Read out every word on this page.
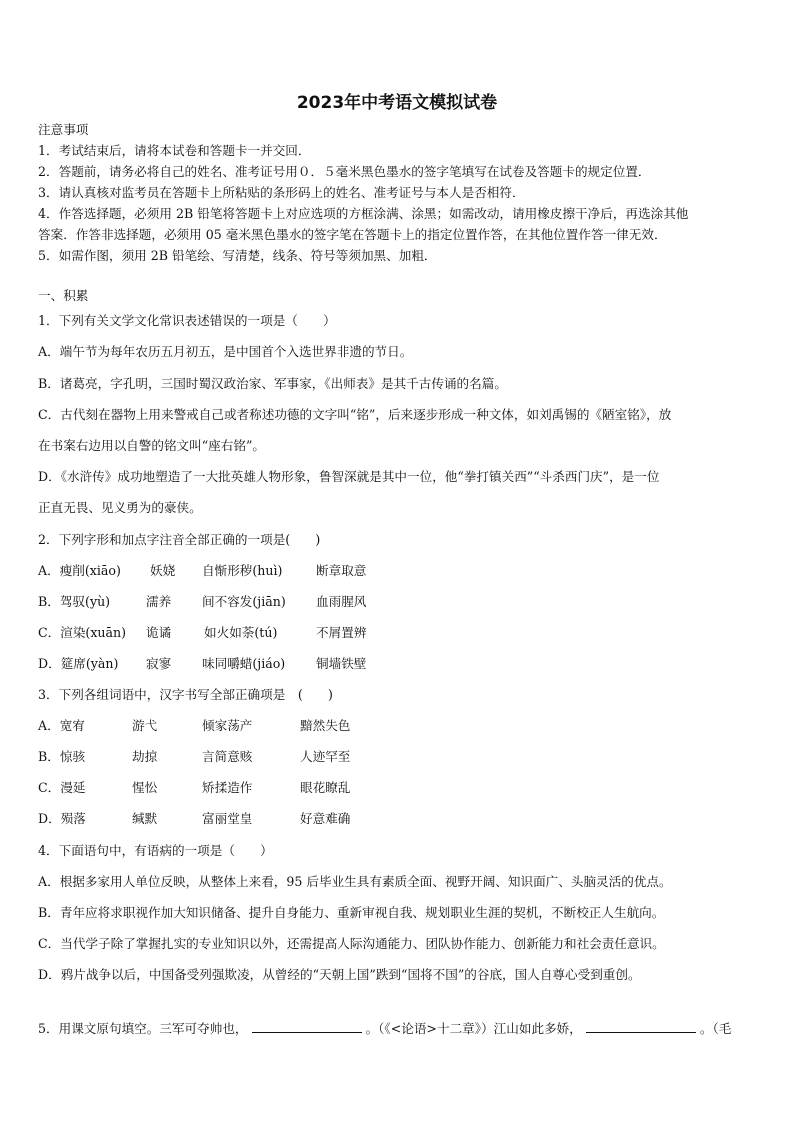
2023年中考语文模拟试卷
注意事项
1．考试结束后，请将本试卷和答题卡一并交回．
2．答题前，请务必将自己的姓名、准考证号用０．５毫米黑色墨水的签字笔填写在试卷及答题卡的规定位置．
3．请认真核对监考员在答题卡上所粘贴的条形码上的姓名、准考证号与本人是否相符．
4．作答选择题，必须用 2B 铅笔将答题卡上对应选项的方框涂满、涂黑；如需改动，请用橡皮擦干净后，再选涂其他
答案．作答非选择题，必须用 05 毫米黑色墨水的签字笔在答题卡上的指定位置作答，在其他位置作答一律无效．
5．如需作图，须用 2B 铅笔绘、写清楚，线条、符号等须加黑、加粗．
一、积累
1．下列有关文学文化常识表述错误的一项是（　　）
A．端午节为每年农历五月初五，是中国首个入选世界非遗的节日。
B．诸葛亮，字孔明，三国时蜀汉政治家、军事家，《出师表》是其千古传诵的名篇。
C．古代刻在器物上用来警戒自己或者称述功德的文字叫“铭”，后来逐步形成一种文体，如刘禹锡的《陋室铭》，放
在书案右边用以自警的铭文叫“座右铭”。
D．《水浒传》成功地塑造了一大批英雄人物形象，鲁智深就是其中一位，他“拳打镇关西”“斗杀西门庆”，是一位
正直无畏、见义勇为的豪侠。
2．下列字形和加点字注音全部正确的一项是(　　)
A．瘦削(xiāo) 妖娆 自惭形秽(huì)	断章取意
B．驾驭(yù)	濡养 间不容发(jiān) 血雨腥风
C．渲染(xuān) 诡谲	如火如荼(tú)	不屑置辨
D．筵席(yàn) 寂寥 味同嚼蜡(jiáo) 铜墙铁壁
3．下列各组词语中，汉字书写全部正确项是　(　　)
A．宽宥	游弋	倾家荡产	黯然失色
B．惊骇	劫掠	言简意赅	人迹罕至
C．漫延	惺忪	矫揉造作	眼花瞭乱
D．殒落	缄默	富丽堂皇	好意难确
4．下面语句中，有语病的一项是（　　）
A．根据多家用人单位反映，从整体上来看，95 后毕业生具有素质全面、视野开阔、知识面广、头脑灵活的优点。
B．青年应将求职视作加大知识储备、提升自身能力、重新审视自我、规划职业生涯的契机，不断校正人生航向。
C．当代学子除了掌握扎实的专业知识以外，还需提高人际沟通能力、团队协作能力、创新能力和社会责任意识。
D．鸦片战争以后，中国备受列强欺凌，从曾经的“天朝上国”跌到“国将不国”的谷底，国人自尊心受到重创。
5．用课文原句填空。三军可夺帅也，	。（《<论语>十二章》）江山如此多娇，	。（毛
